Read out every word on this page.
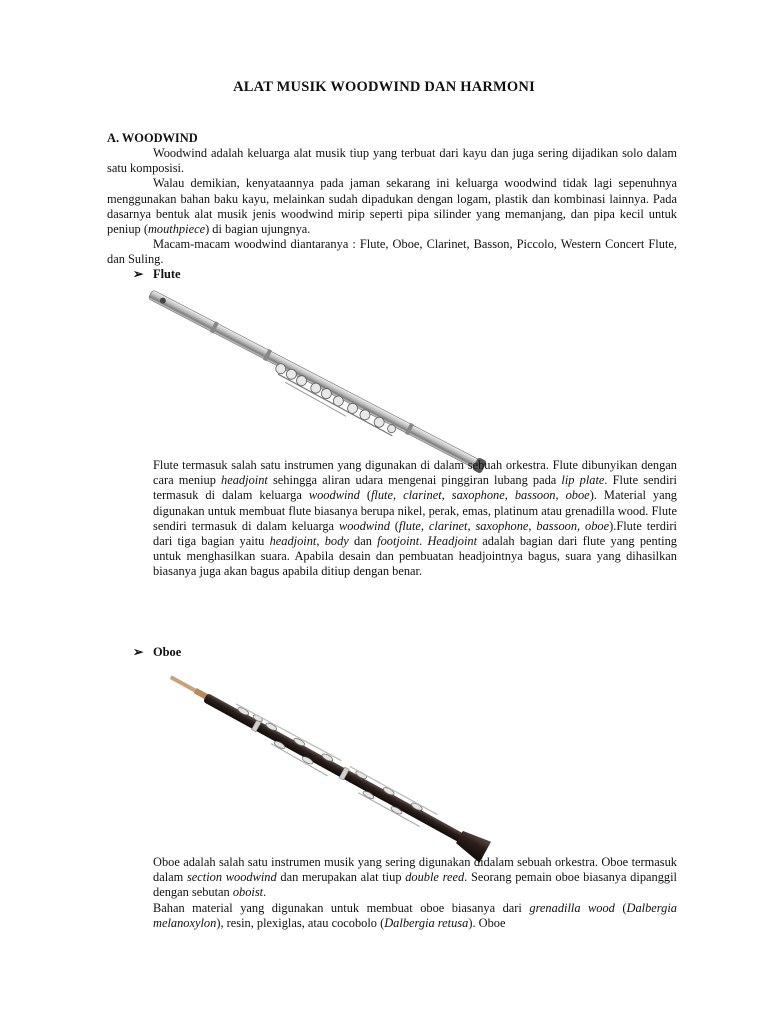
ALAT MUSIK WOODWIND DAN HARMONI
A. WOODWIND

Woodwind adalah keluarga alat musik tiup yang terbuat dari kayu dan juga sering dijadikan solo dalam satu komposisi.

Walau demikian, kenyataannya pada jaman sekarang ini keluarga woodwind tidak lagi sepenuhnya menggunakan bahan baku kayu, melainkan sudah dipadukan dengan logam, plastik dan kombinasi lainnya. Pada dasarnya bentuk alat musik jenis woodwind mirip seperti pipa silinder yang memanjang, dan pipa kecil untuk peniup (mouthpiece) di bagian ujungnya.

Macam-macam woodwind diantaranya : Flute, Oboe, Clarinet, Basson, Piccolo, Western Concert Flute, dan Suling.

➢ Flute

Flute termasuk salah satu instrumen yang digunakan di dalam sebuah orkestra. Flute dibunyikan dengan cara meniup headjoint sehingga aliran udara mengenai pinggiran lubang pada lip plate. Flute sendiri termasuk di dalam keluarga woodwind (flute, clarinet, saxophone, bassoon, oboe). Material yang digunakan untuk membuat flute biasanya berupa nikel, perak, emas, platinum atau grenadilla wood. Flute sendiri termasuk di dalam keluarga woodwind (flute, clarinet, saxophone, bassoon, oboe).Flute terdiri dari tiga bagian yaitu headjoint, body dan footjoint. Headjoint adalah bagian dari flute yang penting untuk menghasilkan suara. Apabila desain dan pembuatan headjointnya bagus, suara yang dihasilkan biasanya juga akan bagus apabila ditiup dengan benar.

➢ Oboe

Oboe adalah salah satu instrumen musik yang sering digunakan didalam sebuah orkestra. Oboe termasuk dalam section woodwind dan merupakan alat tiup double reed. Seorang pemain oboe biasanya dipanggil dengan sebutan oboist.

Bahan material yang digunakan untuk membuat oboe biasanya dari grenadilla wood (Dalbergia melanoxylon), resin, plexiglas, atau cocobolo (Dalbergia retusa). Oboe
